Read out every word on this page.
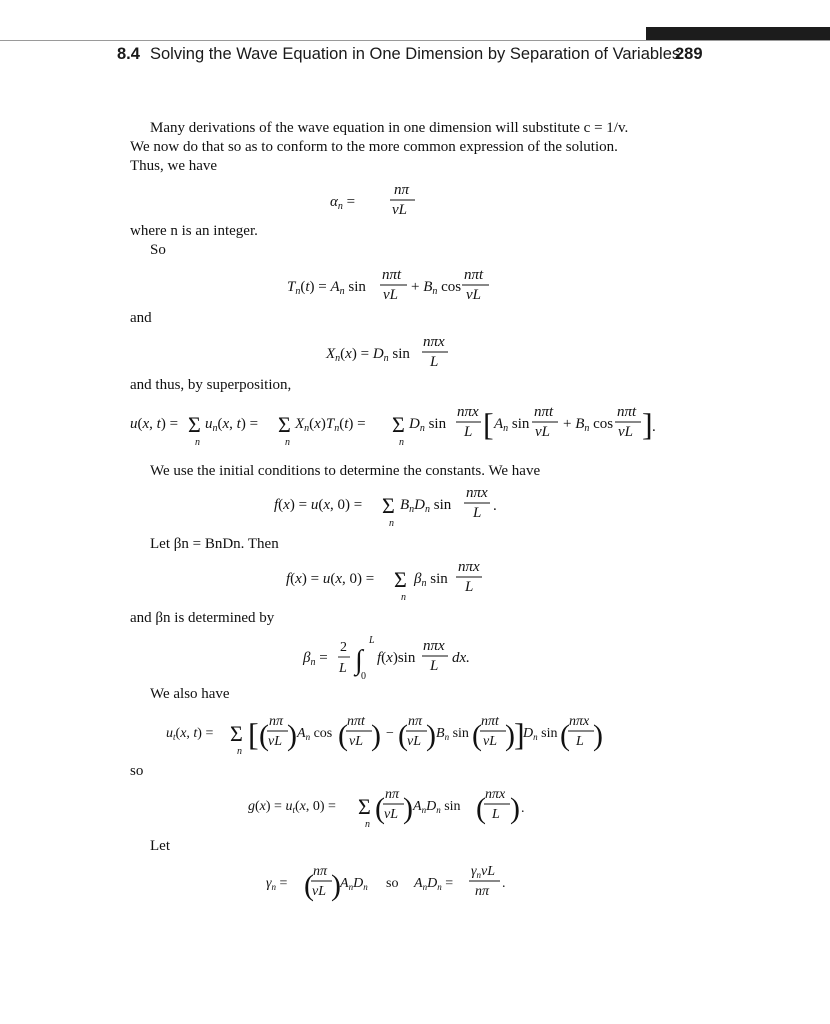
8.4 Solving the Wave Equation in One Dimension by Separation of Variables
289
Many derivations of the wave equation in one dimension will substitute c = 1/v.
We now do that so as to conform to the more common expression of the solution.
Thus, we have
$\alpha_n$ =
nπ
vL
where n is an integer.
So
$T_n(t) = A_n$ sin
nπt
vL + $B_n$ cos
nπt
vL
and
$X_n(x) = D_n$ sin
nπx
L
and thus, by superposition,
u(x, t) = Σ
n
$u_n(x$, t) = Σ
n
$X_n(x)T_n(t) = \Sigma$
n
$D_n$ sin
nπx
L [ $A_n$ sin
nπt
vL + $B_n$ cos
nπt
vL ] .
We use the initial conditions to determine the constants. We have
f(x) = u(x, 0) = Σ
n
$B_nD_n$ sin
nπx
L .
Let βn = BnDn. Then
f(x) = u(x, 0) = Σ
n
$\beta_n$ sin
nπx
L
and βn is determined by
$\beta_n$ =
2
L ∫
L
0
f(x)sin
nπx
L dx.
We also have
$u_t(x$, t) = Σ
n [ ( nπ
vL ) $A_n$ cos ( nπt
vL ) − ( nπ
vL ) $B_n$ sin ( nπt
vL ) ]
$D_n$ sin ( nπx
L )
so
$g(x) = u_t(x$, 0) = Σ
n ( nπ
vL ) $A_nD_n$ sin ( nπx
L ) .
Let
$\gamma_n$ = ( nπ
vL ) $A_nD_n$ so $A_nD_n$ =
$\gamma_nvL$
nπ
.
